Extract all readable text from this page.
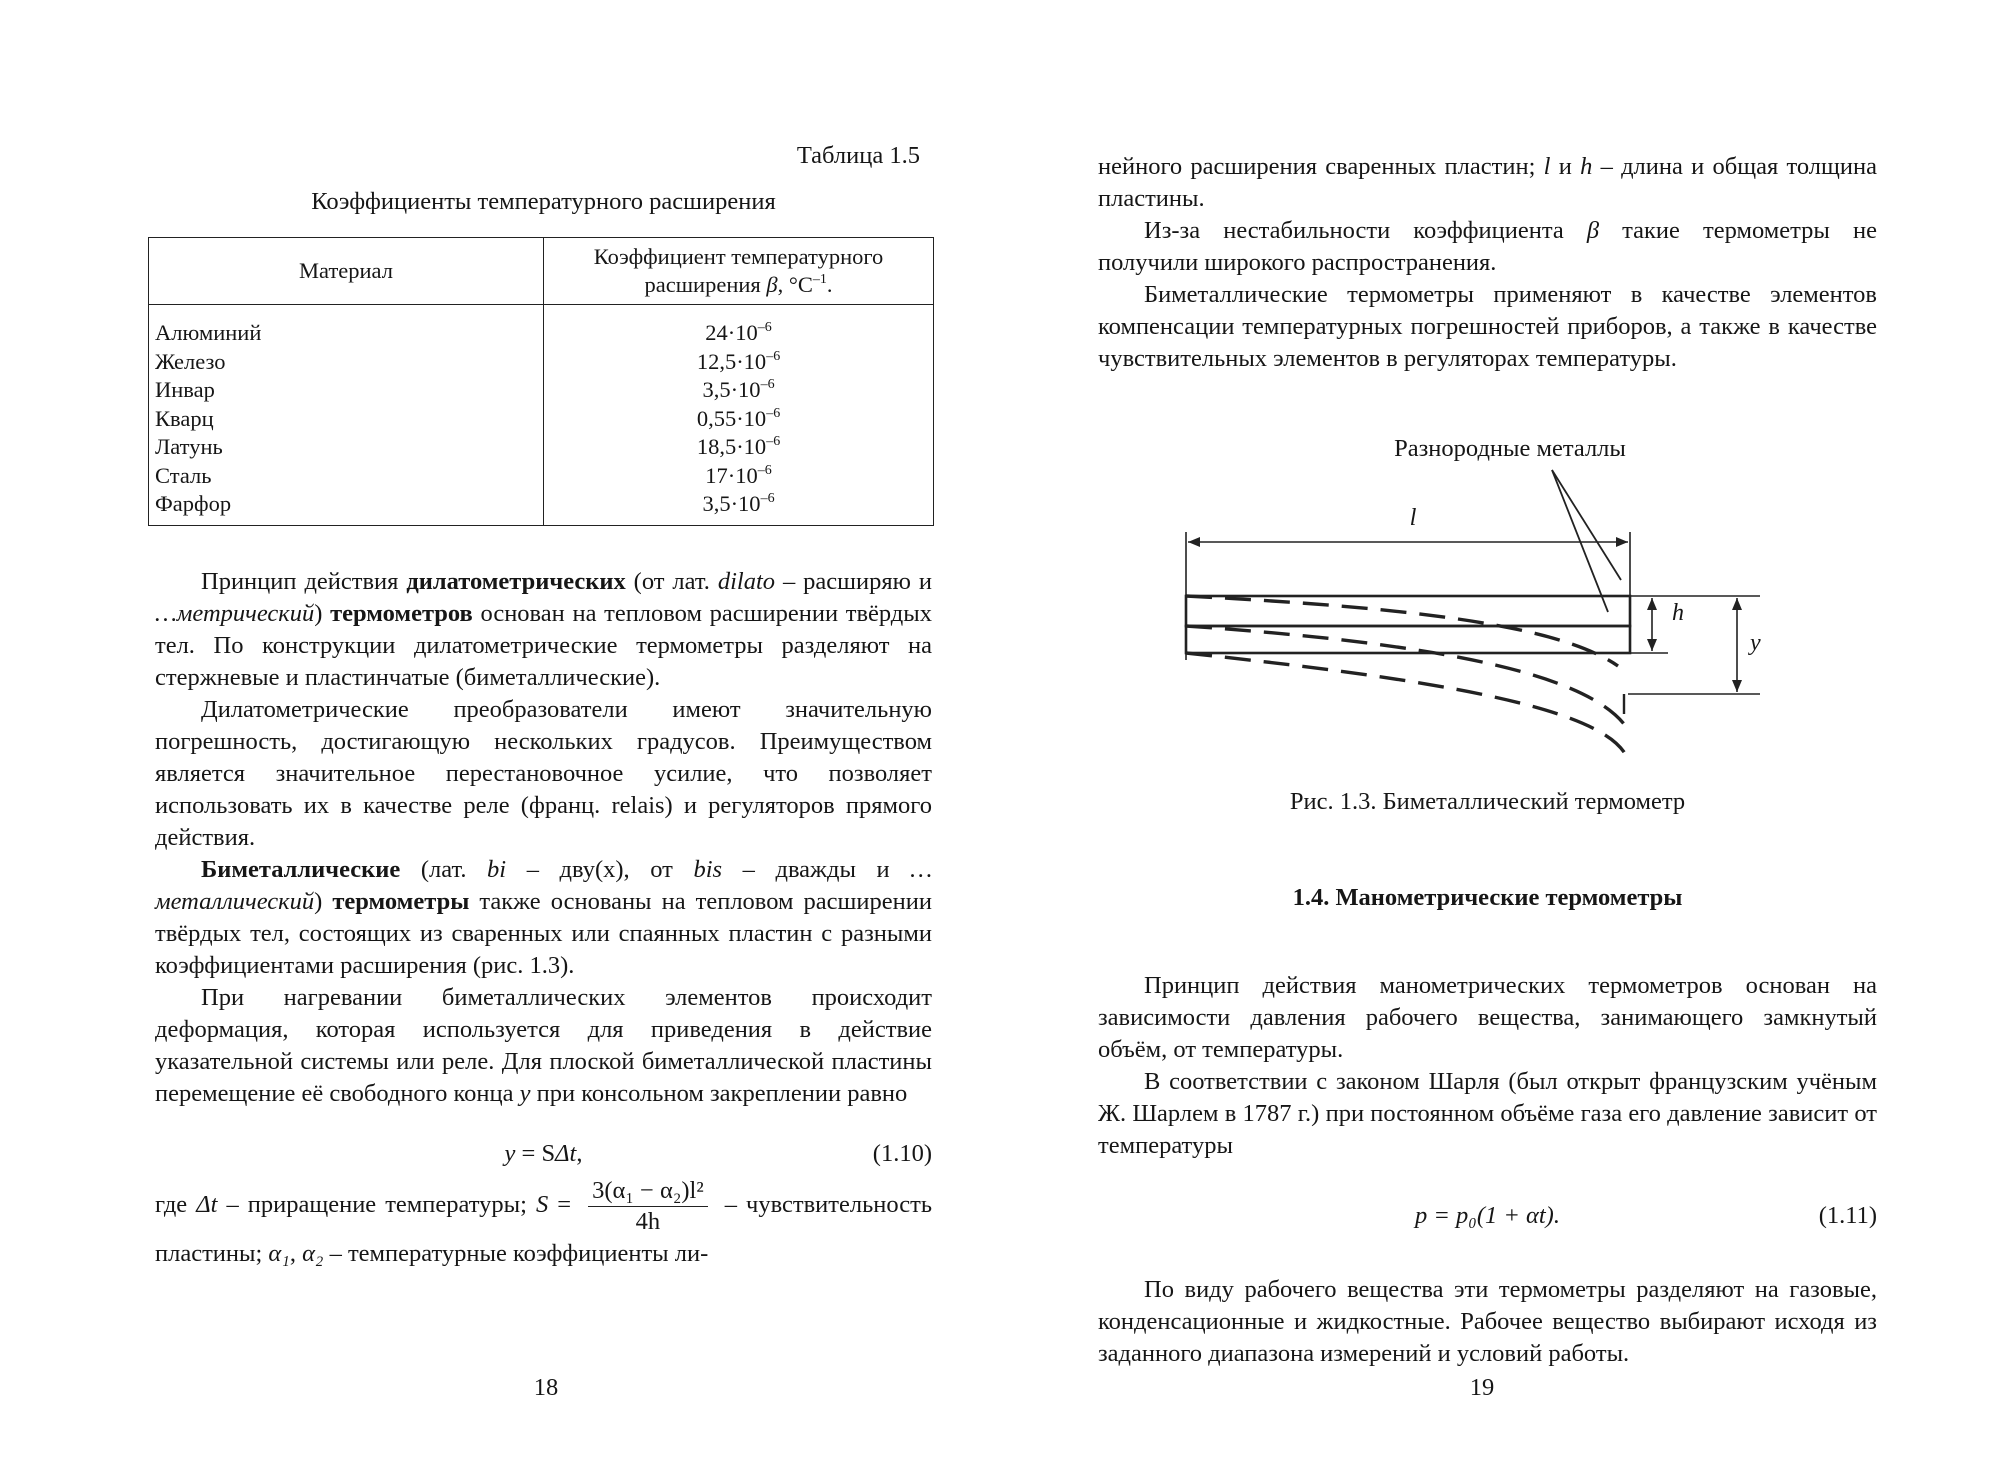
Таблица 1.5
Коэффициенты температурного расширения
Материал	Коэффициент температурного
расширения β, $^\circ С^{-1}$.
Алюминий	$24\cdot 10^{-6}$
Железо	$12,5\cdot 10^{-6}$
Инвар	$3,5\cdot 10^{-6}$
Кварц	$0,55\cdot 10^{-6}$
Латунь	$18,5\cdot 10^{-6}$
Сталь	$17\cdot 10^{-6}$
Фарфор	$3,5\cdot 10^{-6}$

Принцип действия дилатометрических (от лат. dilato – расширяю и …метрический) термометров основан на тепловом расширении твёрдых тел. По конструкции дилатометрические термометры разделяют на стержневые и пластинчатые (биметаллические).

Дилатометрические преобразователи имеют значительную погрешность, достигающую нескольких градусов. Преимуществом является значительное перестановочное усилие, что позволяет использовать их в качестве реле (франц. relais) и регуляторов прямого действия.

Биметаллические (лат. bi – дву(х), от bis – дважды и …металлический) термометры также основаны на тепловом расширении твёрдых тел, состоящих из сваренных или спаянных пластин с разными коэффициентами расширения (рис. 1.3).

При нагревании биметаллических элементов происходит деформация, которая используется для приведения в действие указательной системы или реле. Для плоской биметаллической пластины перемещение её свободного конца y при консольном закреплении равно

y = SΔt,	(1.10)

где Δt – приращение температуры; $S = \frac{\text{3(α₁ − α₂)l²}}{4h}$ – чувствительность пластины; α₁, α₂ – температурные коэффициенты ли-

18

нейного расширения сваренных пластин; l и h – длина и общая толщина пластины.

Из-за нестабильности коэффициента β такие термометры не получили широкого распространения.

Биметаллические термометры применяют в качестве элементов компенсации температурных погрешностей приборов, а также в качестве чувствительных элементов в регуляторах температуры.

Разнородные металлы
l
h
y

Рис. 1.3. Биметаллический термометр

1.4. Манометрические термометры

Принцип действия манометрических термометров основан на зависимости давления рабочего вещества, занимающего замкнутый объём, от температуры.

В соответствии с законом Шарля (был открыт французским учёным Ж. Шарлем в 1787 г.) при постоянном объёме газа его давление зависит от температуры

p = p₀(1 + αt).	(1.11)

По виду рабочего вещества эти термометры разделяют на газовые, конденсационные и жидкостные. Рабочее вещество выбирают исходя из заданного диапазона измерений и условий работы.

19
